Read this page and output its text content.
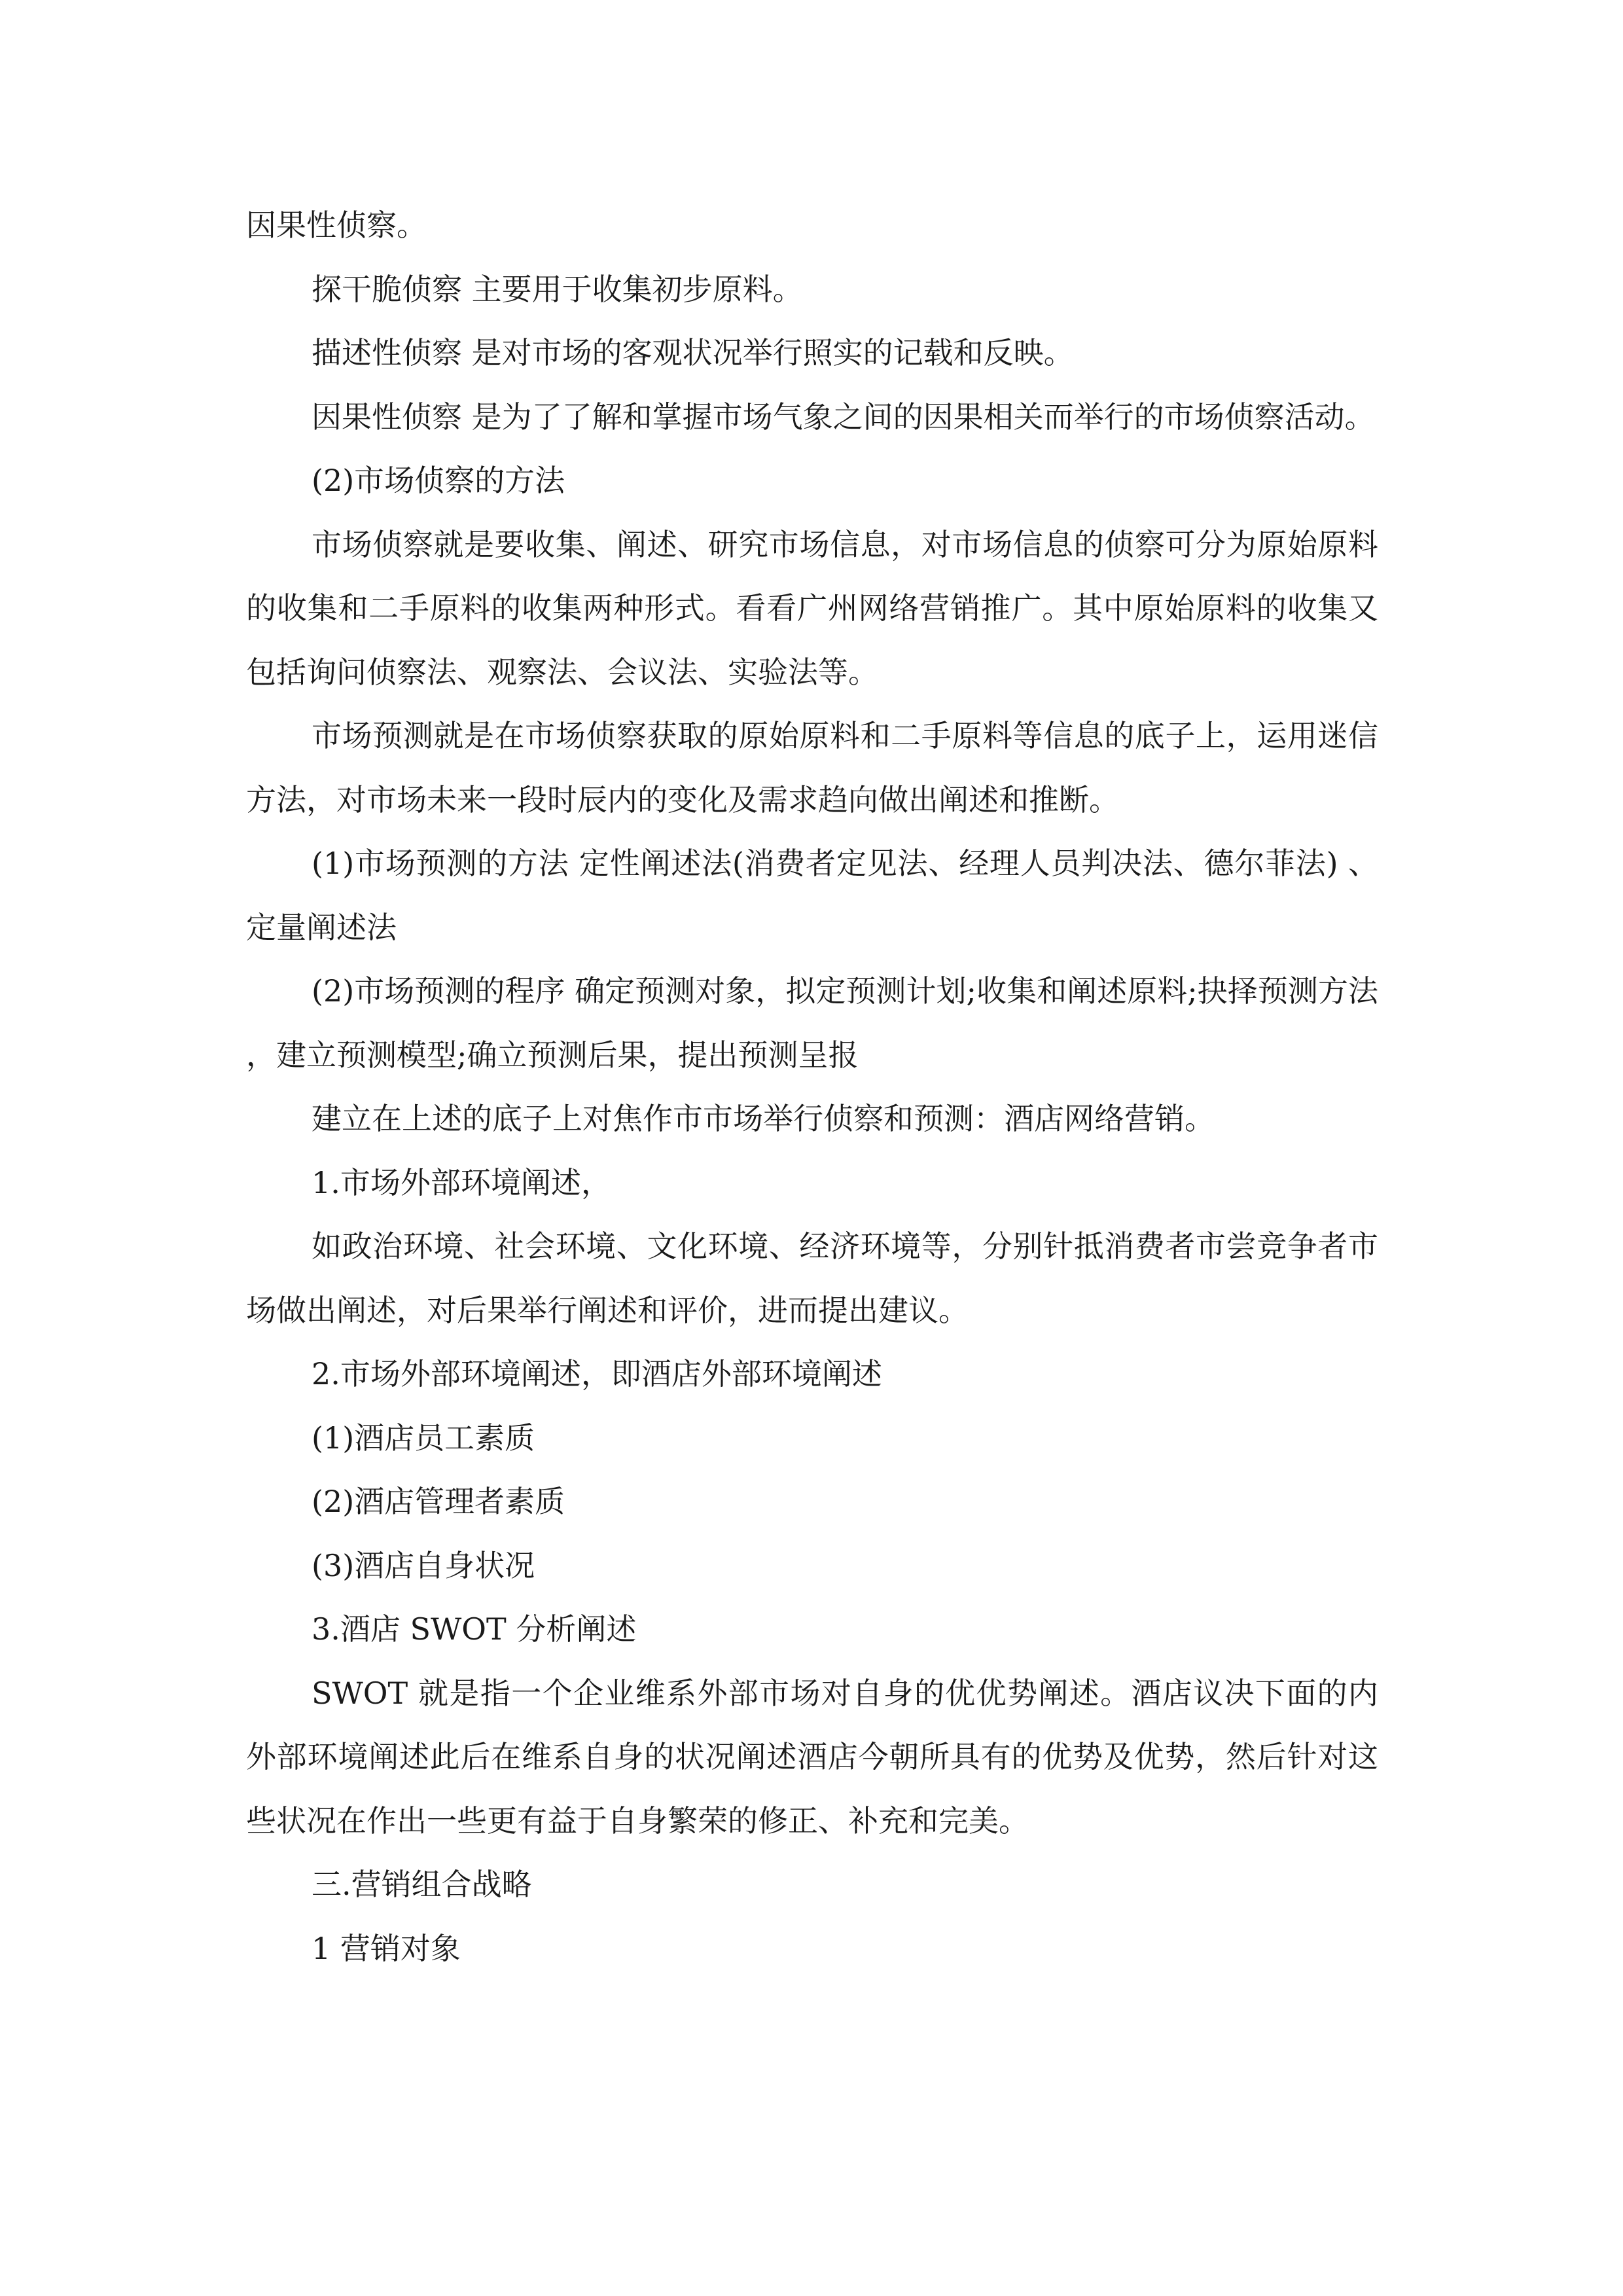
因果性侦察。

探干脆侦察 主要用于收集初步原料。

描述性侦察 是对市场的客观状况举行照实的记载和反映。

因果性侦察 是为了了解和掌握市场气象之间的因果相关而举行的市场侦察活动。

(2)市场侦察的方法

市场侦察就是要收集、阐述、研究市场信息，对市场信息的侦察可分为原始原料的收集和二手原料的收集两种形式。看看广州网络营销推广。其中原始原料的收集又包括询问侦察法、观察法、会议法、实验法等。

市场预测就是在市场侦察获取的原始原料和二手原料等信息的底子上，运用迷信方法，对市场未来一段时辰内的变化及需求趋向做出阐述和推断。

(1)市场预测的方法 定性阐述法(消费者定见法、经理人员判决法、德尔菲法) 、 定量阐述法

(2)市场预测的程序 确定预测对象，拟定预测计划;收集和阐述原料;抉择预测方法，建立预测模型;确立预测后果，提出预测呈报

建立在上述的底子上对焦作市市场举行侦察和预测：酒店网络营销。

1.市场外部环境阐述，

如政治环境、社会环境、文化环境、经济环境等，分别针抵消费者市尝竞争者市场做出阐述，对后果举行阐述和评价，进而提出建议。

2.市场外部环境阐述，即酒店外部环境阐述

(1)酒店员工素质

(2)酒店管理者素质

(3)酒店自身状况

3.酒店 SWOT 分析阐述

SWOT 就是指一个企业维系外部市场对自身的优优势阐述。酒店议决下面的内外部环境阐述此后在维系自身的状况阐述酒店今朝所具有的优势及优势，然后针对这些状况在作出一些更有益于自身繁荣的修正、补充和完美。

三.营销组合战略

1 营销对象
